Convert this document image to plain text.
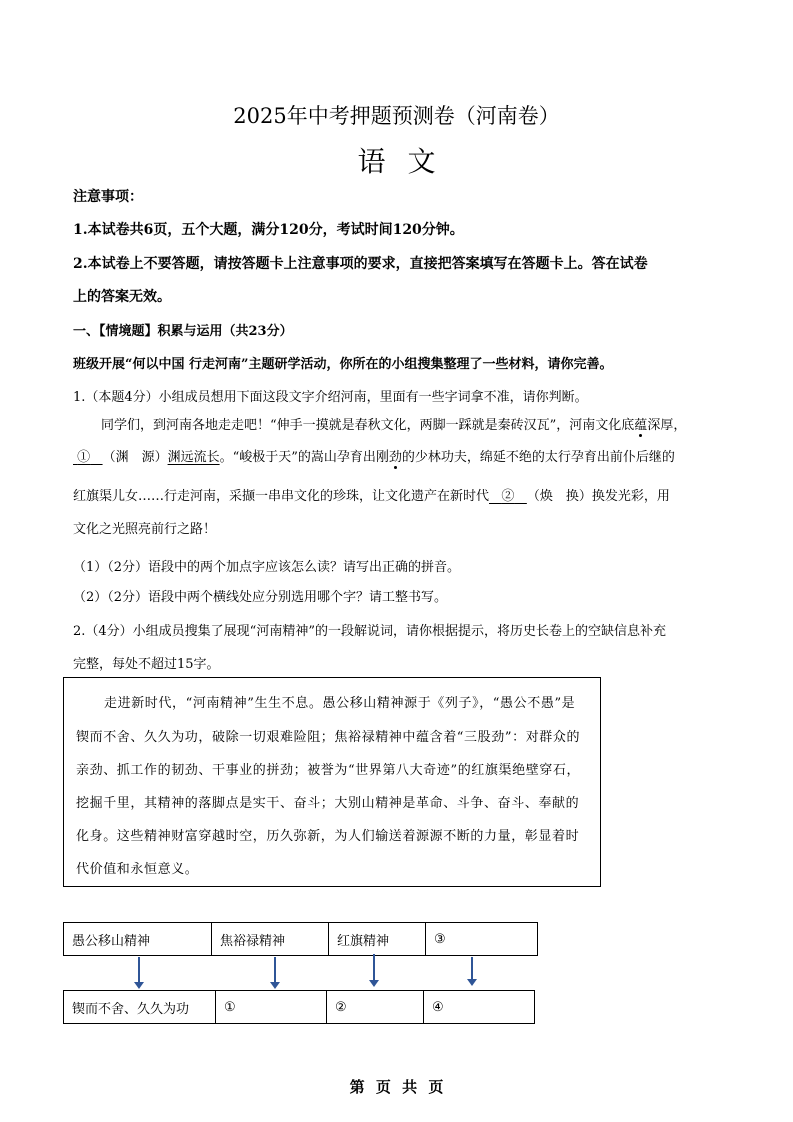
2025年中考押题预测卷（河南卷）
语文
注意事项：
1.本试卷共6页，五个大题，满分120分，考试时间120分钟。
2.本试卷上不要答题，请按答题卡上注意事项的要求，直接把答案填写在答题卡上。答在试卷
上的答案无效。
一、【情境题】积累与运用（共23分）
班级开展“何以中国 行走河南”主题研学活动，你所在的小组搜集整理了一些材料，请你完善。
1.（本题4分）小组成员想用下面这段文字介绍河南，里面有一些字词拿不准，请你判断。
同学们，到河南各地走走吧！“伸手一摸就是春秋文化，两脚一踩就是秦砖汉瓦”，河南文化底蕴深厚，
① （渊　源）渊远流长。“峻极于天”的嵩山孕育出刚劲的少林功夫，绵延不绝的太行孕育出前仆后继的
红旗渠儿女……行走河南，采撷一串串文化的珍珠，让文化遗产在新时代 ② （焕　换）换发光彩，用
文化之光照亮前行之路！
（1）（2分）语段中的两个加点字应该怎么读？请写出正确的拼音。
（2）（2分）语段中两个横线处应分别选用哪个字？请工整书写。
2.（4分）小组成员搜集了展现“河南精神”的一段解说词，请你根据提示，将历史长卷上的空缺信息补充
完整，每处不超过15字。
走进新时代，“河南精神”生生不息。愚公移山精神源于《列子》，“愚公不愚”是
锲而不舍、久久为功，破除一切艰难险阻；焦裕禄精神中蕴含着“三股劲”：对群众的
亲劲、抓工作的韧劲、干事业的拼劲；被誉为“世界第八大奇迹”的红旗渠绝壁穿石，
挖掘千里，其精神的落脚点是实干、奋斗；大别山精神是革命、斗争、奋斗、奉献的
化身。这些精神财富穿越时空，历久弥新，为人们输送着源源不断的力量，彰显着时
代价值和永恒意义。
愚公移山精神	焦裕禄精神	红旗精神	③
锲而不舍、久久为功	①	②	④
第 页 共 页
